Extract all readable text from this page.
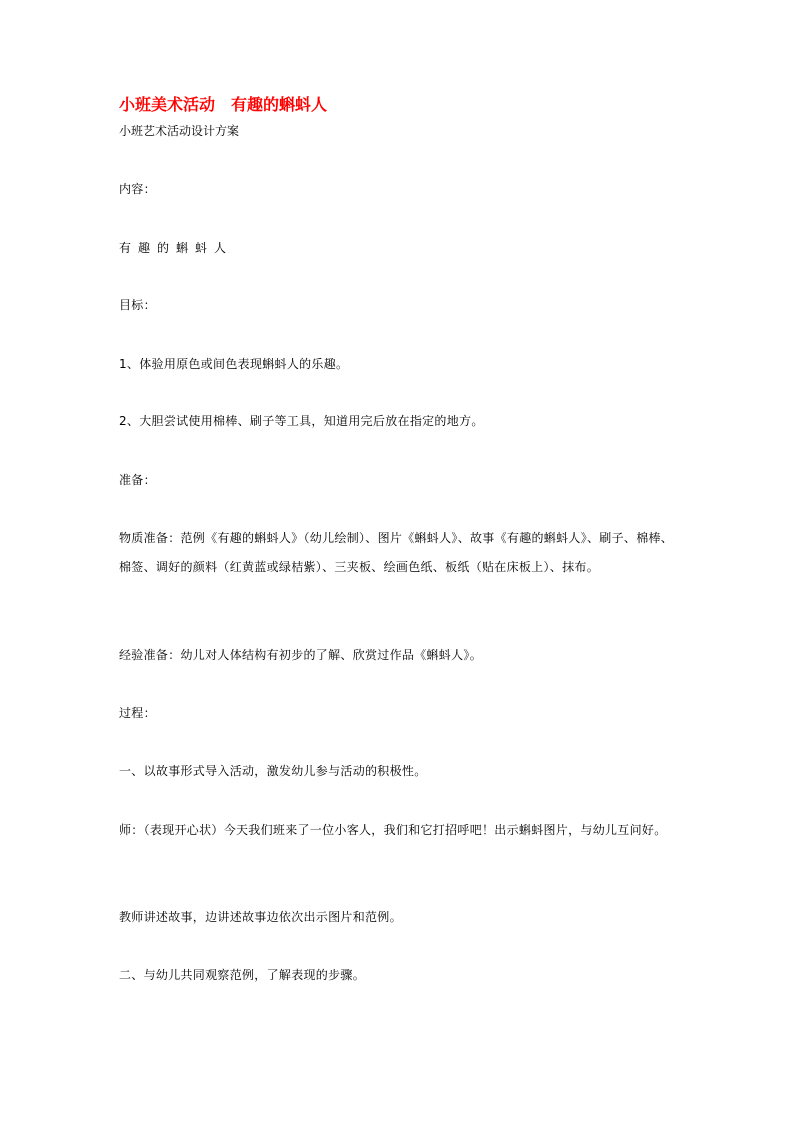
小班美术活动　有趣的蝌蚪人
小班艺术活动设计方案
内容：
有趣的蝌蚪人
目标：
1、体验用原色或间色表现蝌蚪人的乐趣。
2、大胆尝试使用棉棒、刷子等工具，知道用完后放在指定的地方。
准备：
物质准备：范例《有趣的蝌蚪人》（幼儿绘制）、图片《蝌蚪人》、故事《有趣的蝌蚪人》、刷子、棉棒、棉签、调好的颜料（红黄蓝或绿桔紫）、三夹板、绘画色纸、板纸（贴在床板上）、抹布。
经验准备：幼儿对人体结构有初步的了解、欣赏过作品《蝌蚪人》。
过程：
一、以故事形式导入活动，激发幼儿参与活动的积极性。
师：（表现开心状）今天我们班来了一位小客人，我们和它打招呼吧！出示蝌蚪图片，与幼儿互问好。
教师讲述故事，边讲述故事边依次出示图片和范例。
二、与幼儿共同观察范例，了解表现的步骤。
